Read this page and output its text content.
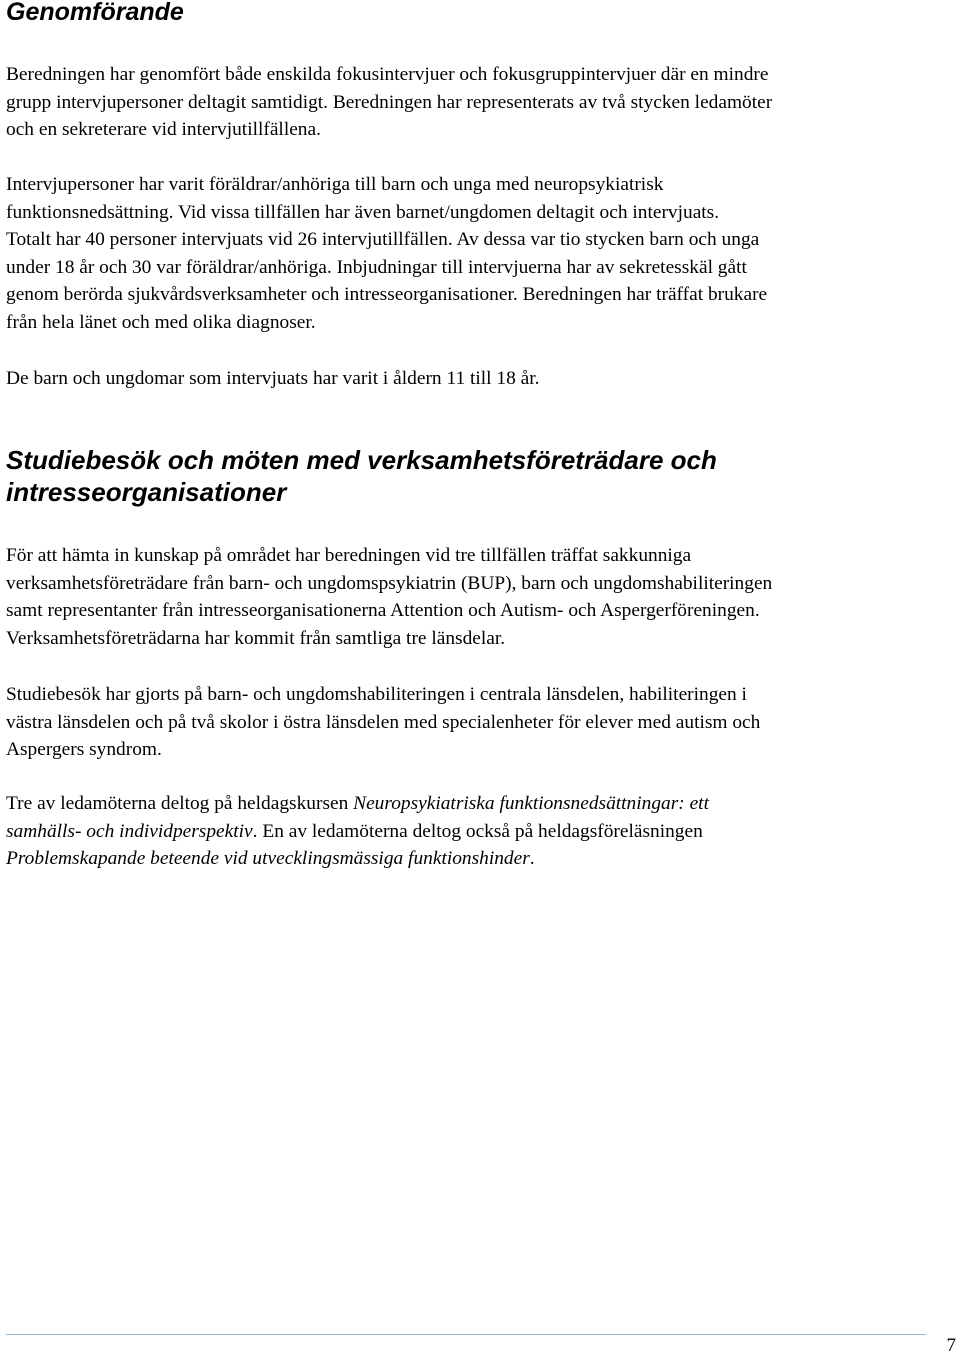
Genomförande

Beredningen har genomfört både enskilda fokusintervjuer och fokusgruppintervjuer där en mindre
grupp intervjupersoner deltagit samtidigt. Beredningen har representerats av två stycken ledamöter
och en sekreterare vid intervjutillfällena.

Intervjupersoner har varit föräldrar/anhöriga till barn och unga med neuropsykiatrisk
funktionsnedsättning. Vid vissa tillfällen har även barnet/ungdomen deltagit och intervjuats.
Totalt har 40 personer intervjuats vid 26 intervjutillfällen. Av dessa var tio stycken barn och unga
under 18 år och 30 var föräldrar/anhöriga. Inbjudningar till intervjuerna har av sekretesskäl gått
genom berörda sjukvårdsverksamheter och intresseorganisationer. Beredningen har träffat brukare
från hela länet och med olika diagnoser.

De barn och ungdomar som intervjuats har varit i åldern 11 till 18 år.

Studiebesök och möten med verksamhetsföreträdare och
intresseorganisationer

För att hämta in kunskap på området har beredningen vid tre tillfällen träffat sakkunniga
verksamhetsföreträdare från barn- och ungdomspsykiatrin (BUP), barn och ungdomshabiliteringen
samt representanter från intresseorganisationerna Attention och Autism- och Aspergerföreningen.
Verksamhetsföreträdarna har kommit från samtliga tre länsdelar.

Studiebesök har gjorts på barn- och ungdomshabiliteringen i centrala länsdelen, habiliteringen i
västra länsdelen och på två skolor i östra länsdelen med specialenheter för elever med autism och
Aspergers syndrom.

Tre av ledamöterna deltog på heldagskursen Neuropsykiatriska funktionsnedsättningar: ett
samhälls- och individperspektiv. En av ledamöterna deltog också på heldagsföreläsningen
Problemskapande beteende vid utvecklingsmässiga funktionshinder.

7
